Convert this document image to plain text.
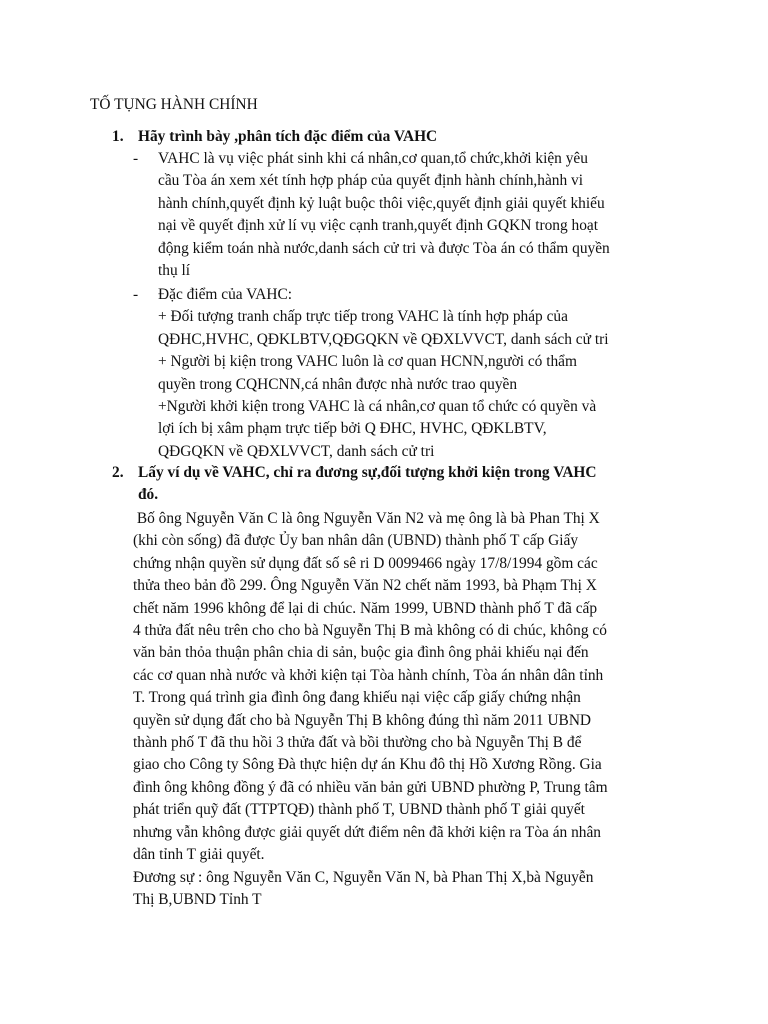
TỐ TỤNG HÀNH CHÍNH
1. Hãy trình bày ,phân tích đặc điểm của VAHC
- VAHC là vụ việc phát sinh khi cá nhân,cơ quan,tổ chức,khởi kiện yêu
cầu Tòa án xem xét tính hợp pháp của quyết định hành chính,hành vi
hành chính,quyết định kỷ luật buộc thôi việc,quyết định giải quyết khiếu
nại về quyết định xử lí vụ việc cạnh tranh,quyết định GQKN trong hoạt
động kiểm toán nhà nước,danh sách cử tri và được Tòa án có thẩm quyền
thụ lí
- Đặc điểm của VAHC:
+ Đối tượng tranh chấp trực tiếp trong VAHC là tính hợp pháp của
QĐHC,HVHC, QĐKLBTV,QĐGQKN về QĐXLVVCT, danh sách cử tri
+ Người bị kiện trong VAHC luôn là cơ quan HCNN,người có thẩm
quyền trong CQHCNN,cá nhân được nhà nước trao quyền
+Người khởi kiện trong VAHC là cá nhân,cơ quan tổ chức có quyền và
lợi ích bị xâm phạm trực tiếp bởi Q ĐHC, HVHC, QĐKLBTV,
QĐGQKN về QĐXLVVCT, danh sách cử tri
2. Lấy ví dụ về VAHC, chỉ ra đương sự,đối tượng khởi kiện trong VAHC
đó.
Bố ông Nguyễn Văn C là ông Nguyễn Văn N2 và mẹ ông là bà Phan Thị X
(khi còn sống) đã được Ủy ban nhân dân (UBND) thành phố T cấp Giấy
chứng nhận quyền sử dụng đất số sê ri D 0099466 ngày 17/8/1994 gồm các
thửa theo bản đồ 299. Ông Nguyễn Văn N2 chết năm 1993, bà Phạm Thị X
chết năm 1996 không để lại di chúc. Năm 1999, UBND thành phố T đã cấp
4 thửa đất nêu trên cho cho bà Nguyễn Thị B mà không có di chúc, không có
văn bản thỏa thuận phân chia di sản, buộc gia đình ông phải khiếu nại đến
các cơ quan nhà nước và khởi kiện tại Tòa hành chính, Tòa án nhân dân tỉnh
T. Trong quá trình gia đình ông đang khiếu nại việc cấp giấy chứng nhận
quyền sử dụng đất cho bà Nguyễn Thị B không đúng thì năm 2011 UBND
thành phố T đã thu hồi 3 thửa đất và bồi thường cho bà Nguyễn Thị B để
giao cho Công ty Sông Đà thực hiện dự án Khu đô thị Hồ Xương Rồng. Gia
đình ông không đồng ý đã có nhiều văn bản gửi UBND phường P, Trung tâm
phát triển quỹ đất (TTPTQĐ) thành phố T, UBND thành phố T giải quyết
nhưng vẫn không được giải quyết dứt điểm nên đã khởi kiện ra Tòa án nhân
dân tỉnh T giải quyết.
Đương sự : ông Nguyễn Văn C, Nguyễn Văn N, bà Phan Thị X,bà Nguyễn
Thị B,UBND Tỉnh T
